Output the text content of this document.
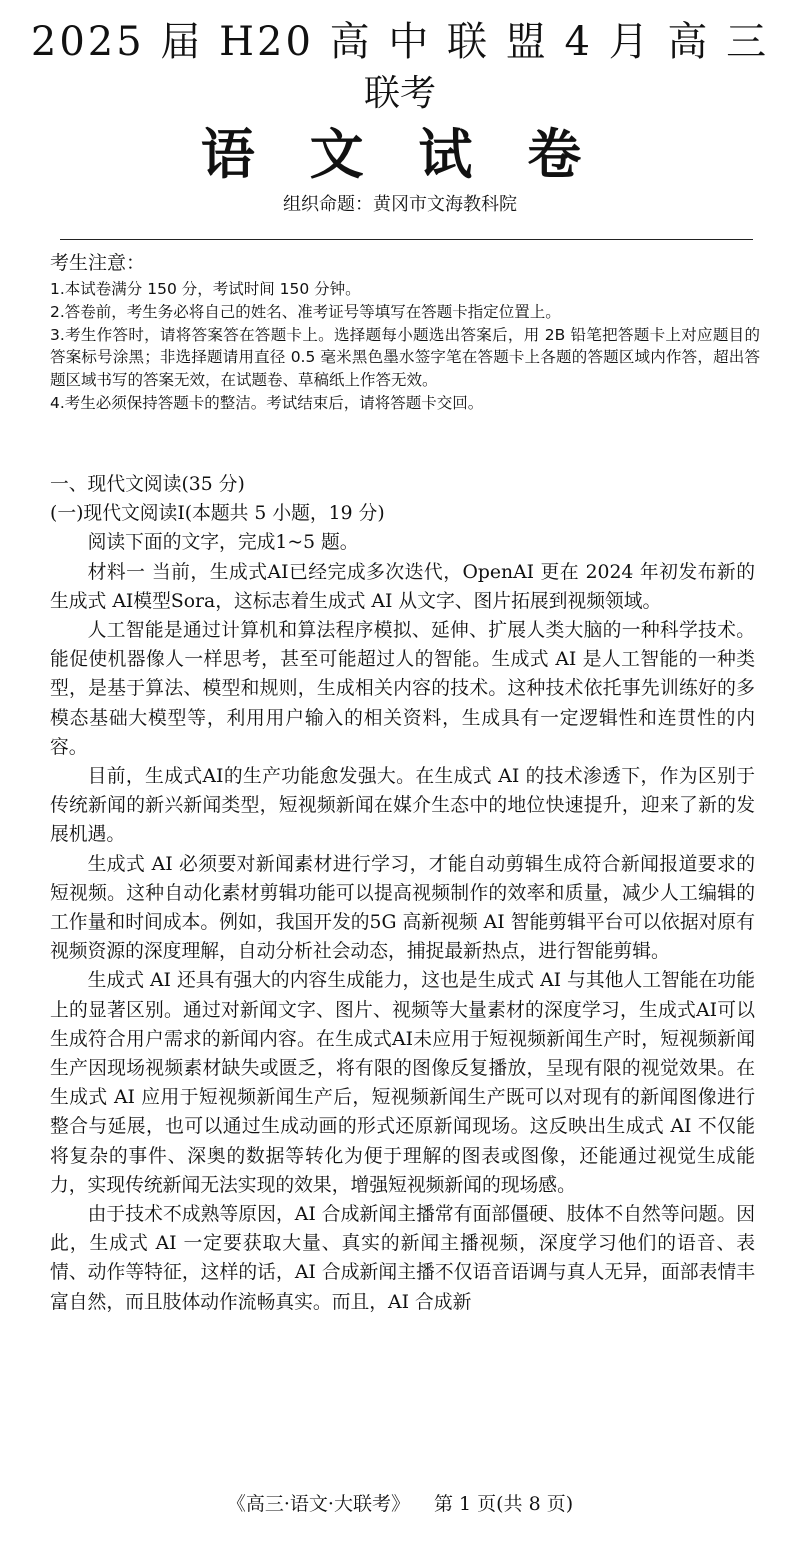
2025 届 H20 高 中 联 盟 4 月 高 三
联考
语 文 试 卷
组织命题：黄冈市文海教科院
考生注意：
1.本试卷满分 150 分，考试时间 150 分钟。
2.答卷前，考生务必将自己的姓名、准考证号等填写在答题卡指定位置上。
3.考生作答时，请将答案答在答题卡上。选择题每小题选出答案后，用 2B 铅笔把答题卡上对应题目的答案标号涂黑；非选择题请用直径 0.5 毫米黑色墨水签字笔在答题卡上各题的答题区域内作答，超出答题区域书写的答案无效，在试题卷、草稿纸上作答无效。
4.考生必须保持答题卡的整洁。考试结束后，请将答题卡交回。
一、现代文阅读(35 分)
(一)现代文阅读Ⅰ(本题共 5 小题，19 分)

阅读下面的文字，完成1~5 题。

材料一 当前，生成式AI已经完成多次迭代，OpenAI 更在 2024 年初发布新的生成式 AI模型Sora，这标志着生成式 AI 从文字、图片拓展到视频领域。

人工智能是通过计算机和算法程序模拟、延伸、扩展人类大脑的一种科学技术。能促使机器像人一样思考，甚至可能超过人的智能。生成式 AI 是人工智能的一种类型，是基于算法、模型和规则，生成相关内容的技术。这种技术依托事先训练好的多模态基础大模型等，利用用户输入的相关资料，生成具有一定逻辑性和连贯性的内容。

目前，生成式AI的生产功能愈发强大。在生成式 AI 的技术渗透下，作为区别于传统新闻的新兴新闻类型，短视频新闻在媒介生态中的地位快速提升，迎来了新的发展机遇。

生成式 AI 必须要对新闻素材进行学习，才能自动剪辑生成符合新闻报道要求的短视频。这种自动化素材剪辑功能可以提高视频制作的效率和质量，减少人工编辑的工作量和时间成本。例如，我国开发的5G 高新视频 AI 智能剪辑平台可以依据对原有视频资源的深度理解，自动分析社会动态，捕捉最新热点，进行智能剪辑。

生成式 AI 还具有强大的内容生成能力，这也是生成式 AI 与其他人工智能在功能上的显著区别。通过对新闻文字、图片、视频等大量素材的深度学习，生成式AI可以生成符合用户需求的新闻内容。在生成式AI未应用于短视频新闻生产时，短视频新闻生产因现场视频素材缺失或匮乏，将有限的图像反复播放，呈现有限的视觉效果。在生成式 AI 应用于短视频新闻生产后，短视频新闻生产既可以对现有的新闻图像进行整合与延展，也可以通过生成动画的形式还原新闻现场。这反映出生成式 AI 不仅能将复杂的事件、深奥的数据等转化为便于理解的图表或图像，还能通过视觉生成能力，实现传统新闻无法实现的效果，增强短视频新闻的现场感。

由于技术不成熟等原因，AI 合成新闻主播常有面部僵硬、肢体不自然等问题。因此，生成式 AI 一定要获取大量、真实的新闻主播视频，深度学习他们的语音、表情、动作等特征，这样的话，AI 合成新闻主播不仅语音语调与真人无异，面部表情丰富自然，而且肢体动作流畅真实。而且，AI 合成新

《高三·语文·大联考》 第 1 页(共 8 页)
